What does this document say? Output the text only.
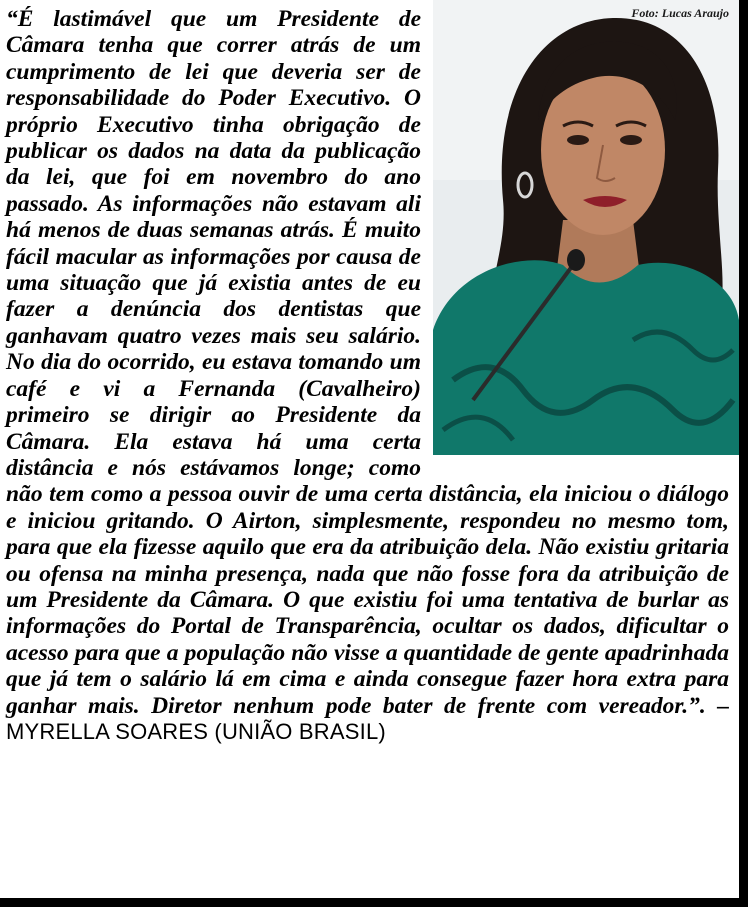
Foto: Lucas Araujo
“É lastimável que um Presidente de Câmara tenha que correr atrás de um cumprimento de lei que deveria ser de responsabilidade do Poder Executivo. O próprio Executivo tinha obrigação de publicar os dados na data da publicação da lei, que foi em novembro do ano passado. As informações não estavam ali há menos de duas semanas atrás. É muito fácil macular as informações por causa de uma situação que já existia antes de eu fazer a denúncia dos dentistas que ganhavam quatro vezes mais seu salário. No dia do ocorrido, eu estava tomando um café e vi a Fernanda (Cavalheiro) primeiro se dirigir ao Presidente da Câmara. Ela estava há uma certa distância e nós estávamos longe; como não tem como a pessoa ouvir de uma certa distância, ela iniciou o diálogo e iniciou gritando. O Airton, simplesmente, respondeu no mesmo tom, para que ela fizesse aquilo que era da atribuição dela. Não existiu gritaria ou ofensa na minha presença, nada que não fosse fora da atribuição de um Presidente da Câmara. O que existiu foi uma tentativa de burlar as informações do Portal de Transparência, ocultar os dados, dificultar o acesso para que a população não visse a quantidade de gente apadrinhada que já tem o salário lá em cima e ainda consegue fazer hora extra para ganhar mais. Diretor nenhum pode bater de frente com vereador.”. – MYRELLA SOARES (UNIÃO BRASIL)
